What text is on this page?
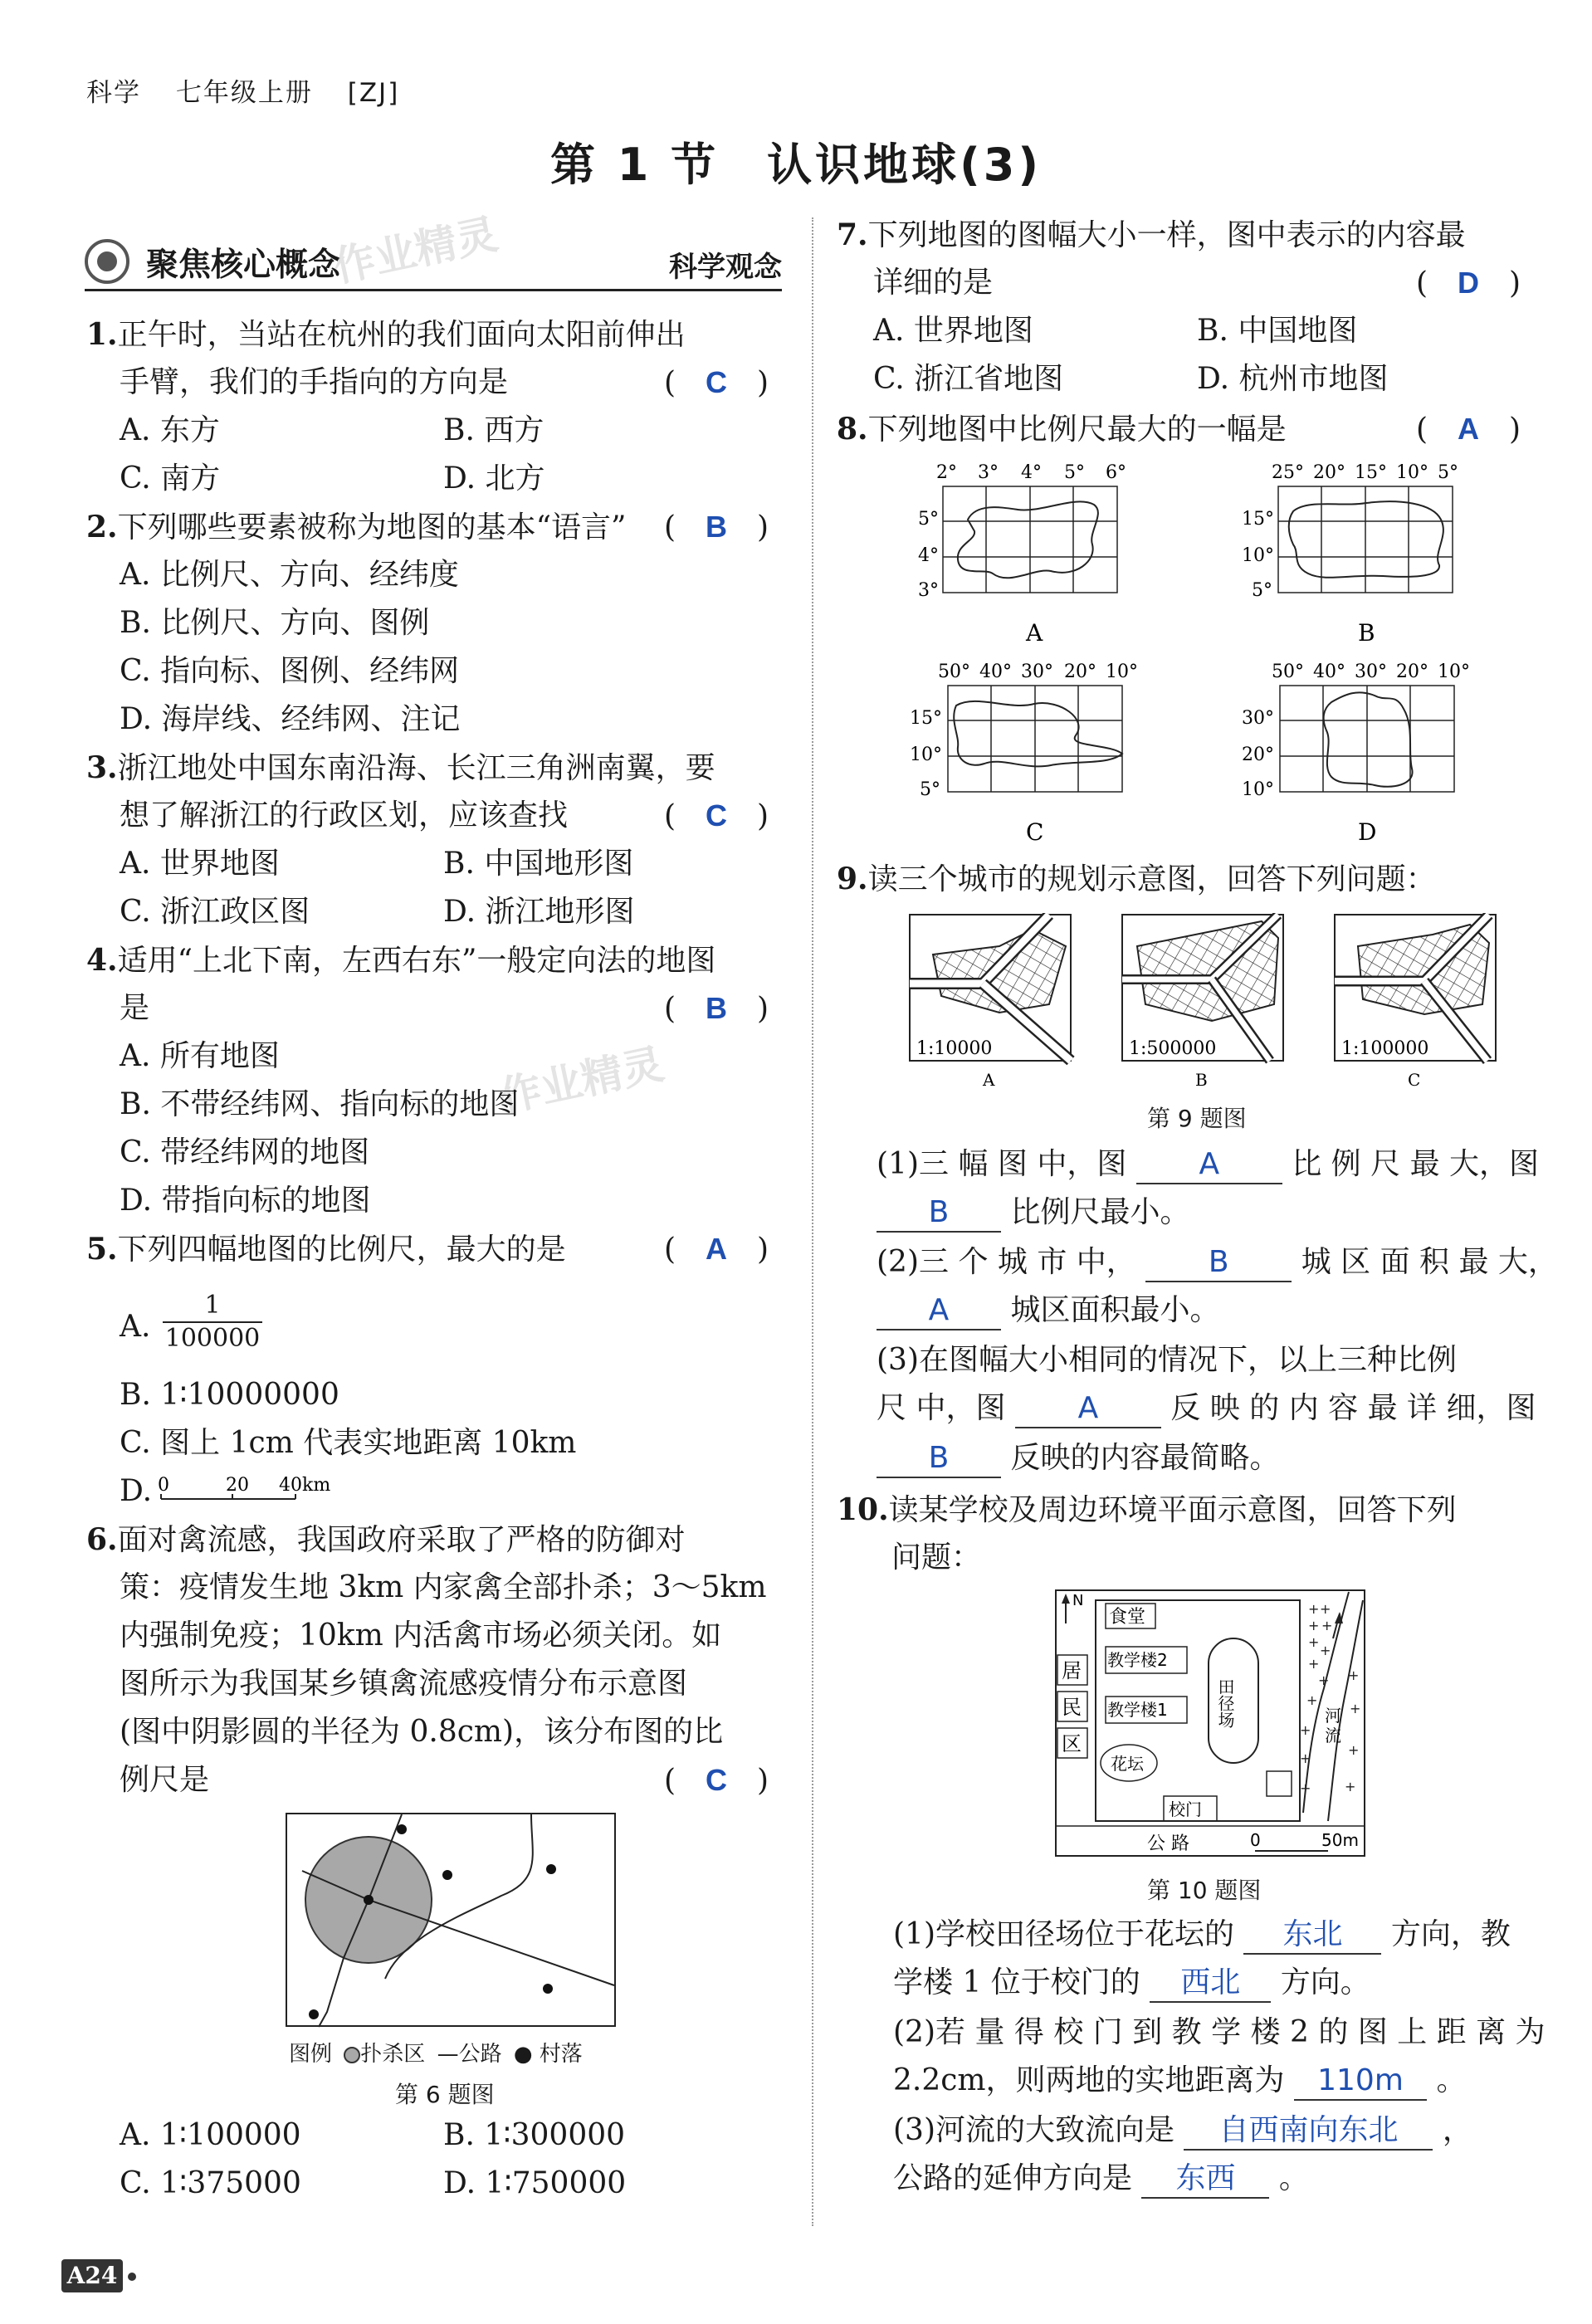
科学 七年级上册 [ZJ]
第 1 节　认识地球(3)
聚焦核心概念	科学观念
作业精灵
作业精灵
1.正午时，当站在杭州的我们面向太阳前伸出
手臂，我们的手指向的方向是	(　C　)
A. 东方	B. 西方
C. 南方	D. 北方
2.下列哪些要素被称为地图的基本“语言” (　B　)
A. 比例尺、方向、经纬度
B. 比例尺、方向、图例
C. 指向标、图例、经纬网
D. 海岸线、经纬网、注记
3.浙江地处中国东南沿海、长江三角洲南翼，要
想了解浙江的行政区划，应该查找	(　C　)
A. 世界地图	B. 中国地形图
C. 浙江政区图	D. 浙江地形图
4.适用“上北下南，左西右东”一般定向法的地图
是	(　B　)
A. 所有地图
B. 不带经纬网、指向标的地图
C. 带经纬网的地图
D. 带指向标的地图
5.下列四幅地图的比例尺，最大的是	(　A　)
A. $\frac{1}{100000}$
B. 1∶10000000
C. 图上 1cm 代表实地距离 10km
D. 0	20 40km
6.面对禽流感，我国政府采取了严格的防御对
策：疫情发生地 3km 内家禽全部扑杀；3～5km
内强制免疫；10km 内活禽市场必须关闭。如
图所示为我国某乡镇禽流感疫情分布示意图
(图中阴影圆的半径为 0.8cm)，该分布图的比
例尺是	(　C　)
图例 扑杀区 —公路 ● 村落
第 6 题图
A. 1∶100000	B. 1∶300000
C. 1∶375000	D. 1∶750000
7.下列地图的图幅大小一样，图中表示的内容最
详细的是	(　D　)
A. 世界地图	B. 中国地图
C. 浙江省地图	D. 杭州市地图
8.下列地图中比例尺最大的一幅是	(　A　)
2° 3° 4° 5° 6°
5°
4°
3°
A
25° 20° 15° 10° 5°
15°
10°
5°
B
50° 40° 30° 20° 10°
15°
10°
5°
C
50° 40° 30° 20° 10°
30°
20°
10°
D
9.读三个城市的规划示意图，回答下列问题：
1:10000
A
1:500000
B
1:100000
C
第 9 题图
(1)三 幅 图 中，图 A 比 例 尺 最 大，图
B 比例尺最小。
(2)三 个 城 市 中， B 城 区 面 积 最 大，
A 城区面积最小。
(3)在图幅大小相同的情况下，以上三种比例
尺 中，图 A 反 映 的 内 容 最 详 细，图
B 反映的内容最简略。
10.读某学校及周边环境平面示意图，回答下列
问题：
N
居
民
区
食堂
教学楼2
教学楼1
花坛
校门
田径场	河
流
+ +
+ +
+
+
+
+
+
+
+
+
+
+
+
+
公 路	0	50m
第 10 题图
(1)学校田径场位于花坛的 东北 方向，教
学楼 1 位于校门的 西北 方向。
(2)若 量 得 校 门 到 教 学 楼 2 的 图 上 距 离 为
2.2cm，则两地的实地距离为 110m 。
(3)河流的大致流向是 自西南向东北 ，
公路的延伸方向是 东西 。
A24
